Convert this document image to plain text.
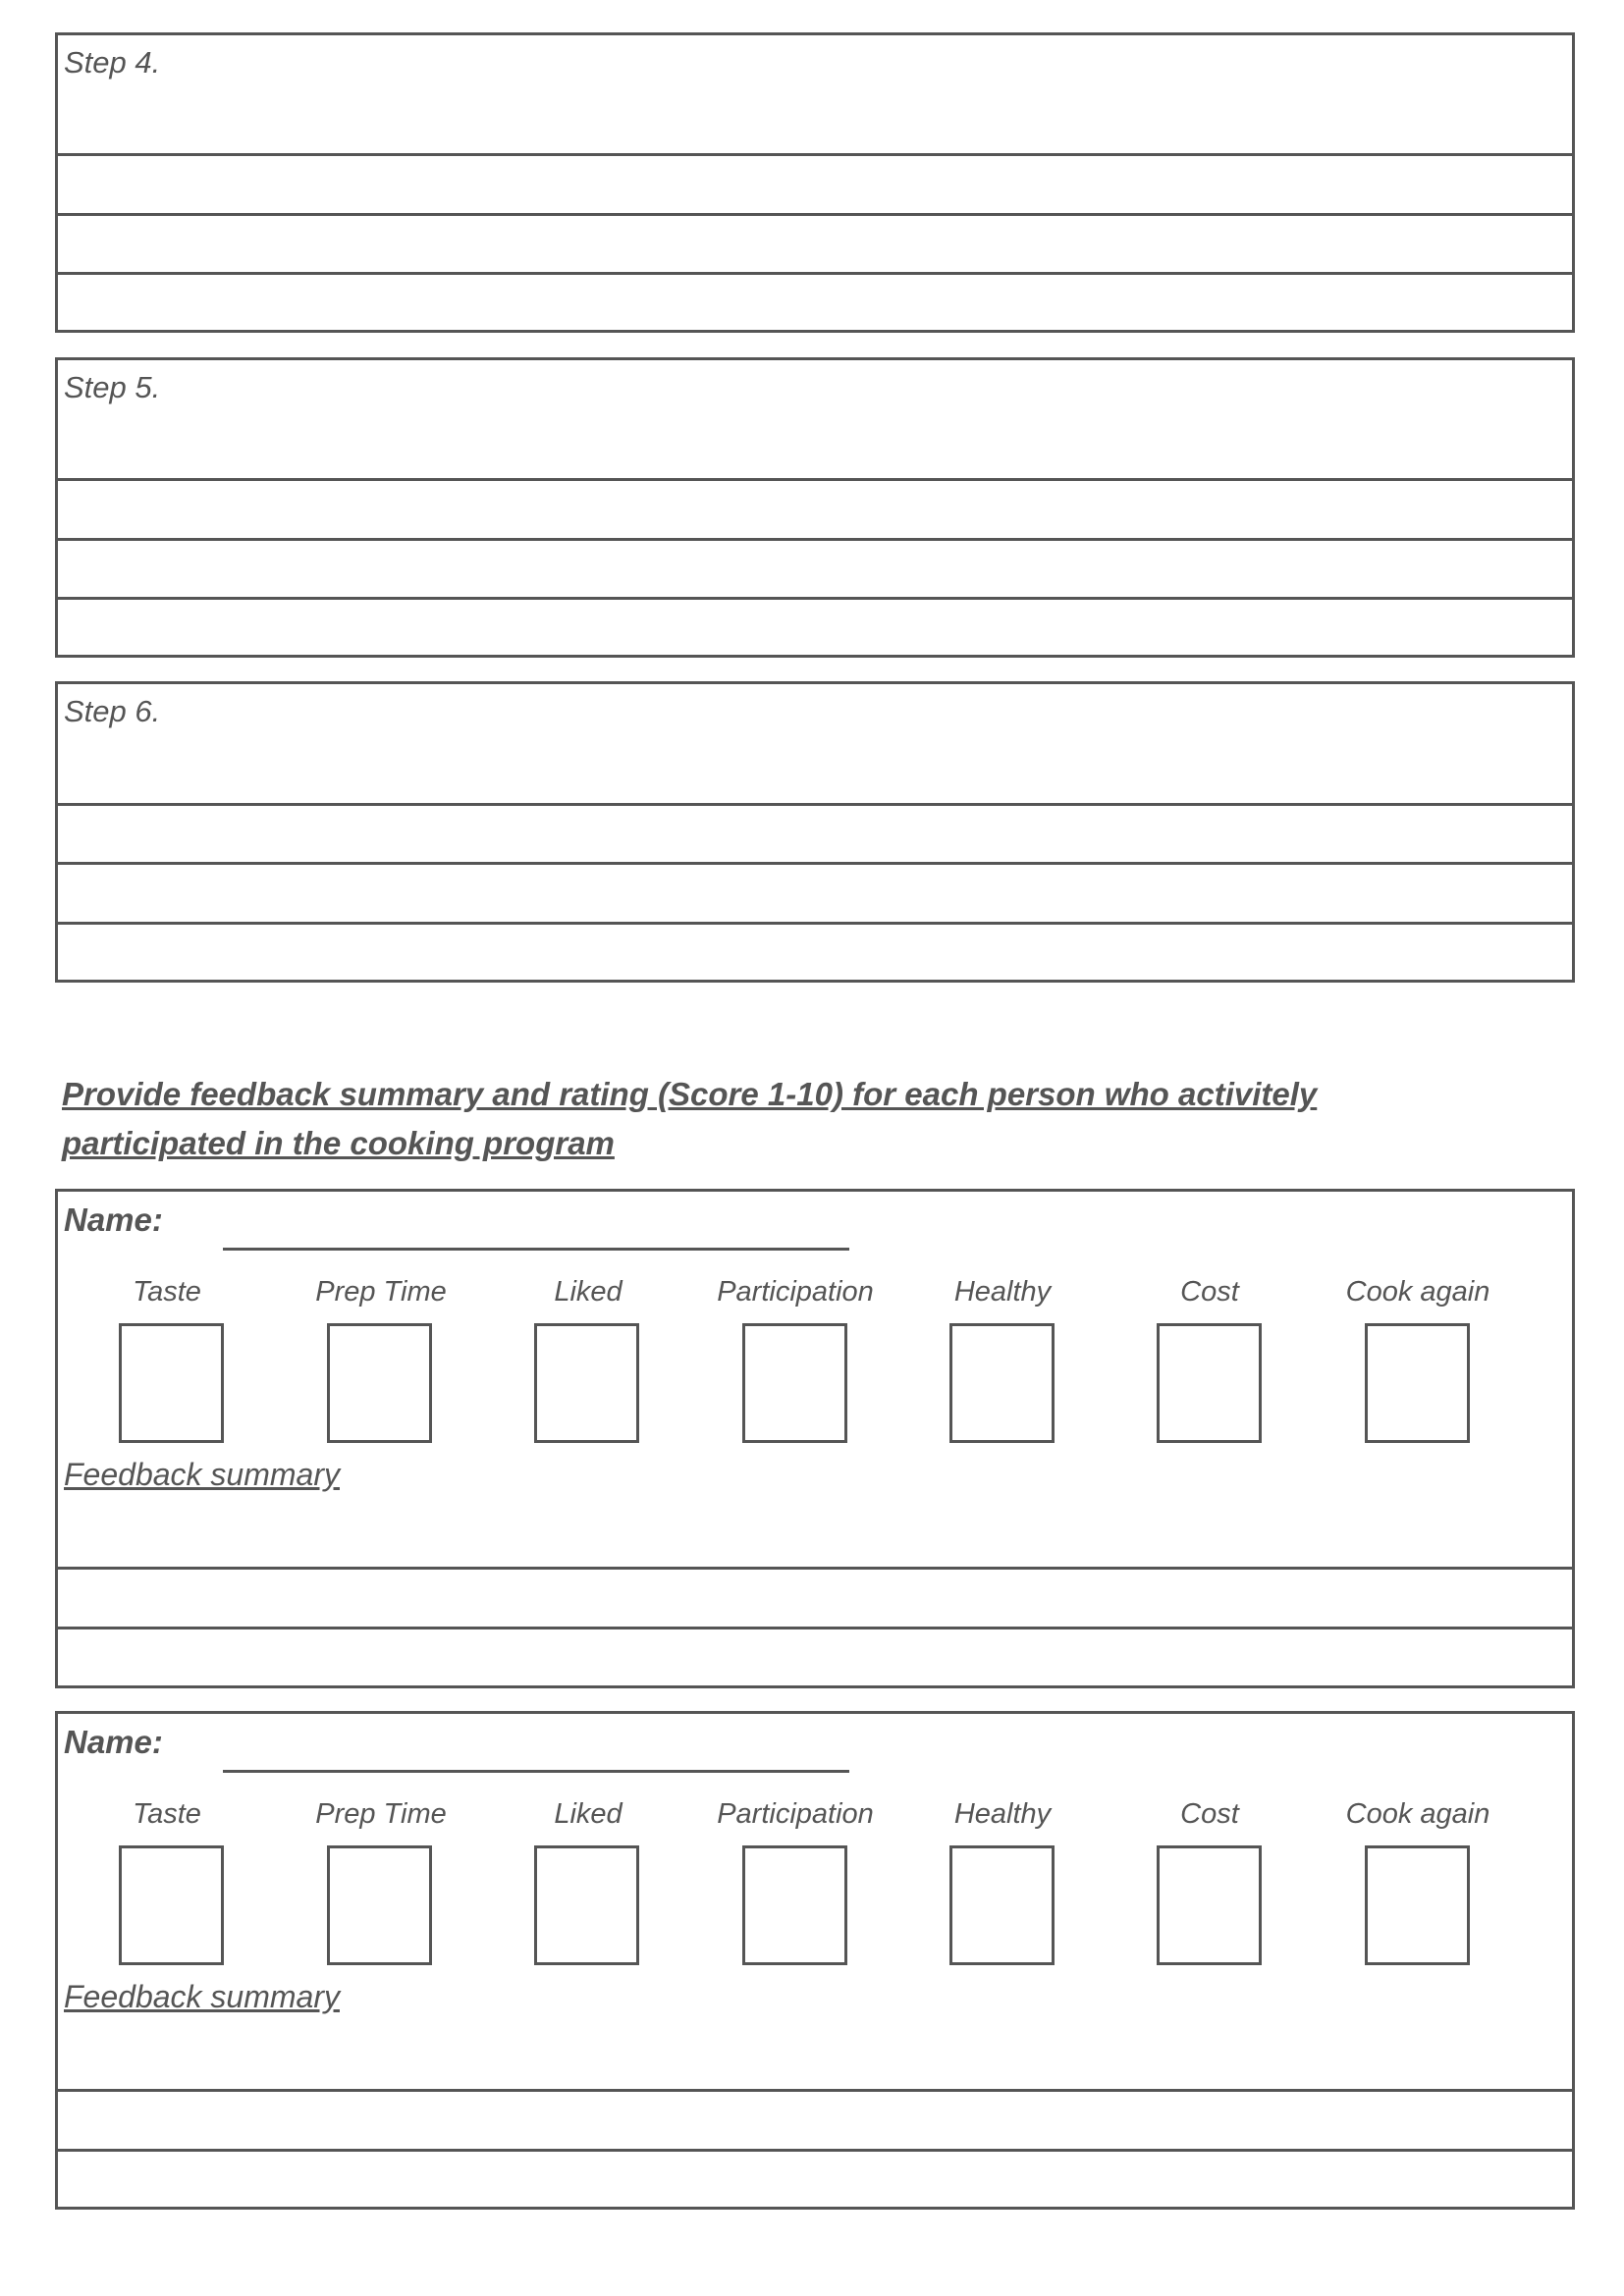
Step 4.
Step 5.
Step 6.
Provide feedback summary and rating (Score 1-10) for each person who activitely
participated in the cooking program
Name:
Taste	Prep Time	Liked	Participation	Healthy	Cost	Cook again
Feedback summary
Name:
Taste	Prep Time	Liked	Participation	Healthy	Cost	Cook again
Feedback summary
